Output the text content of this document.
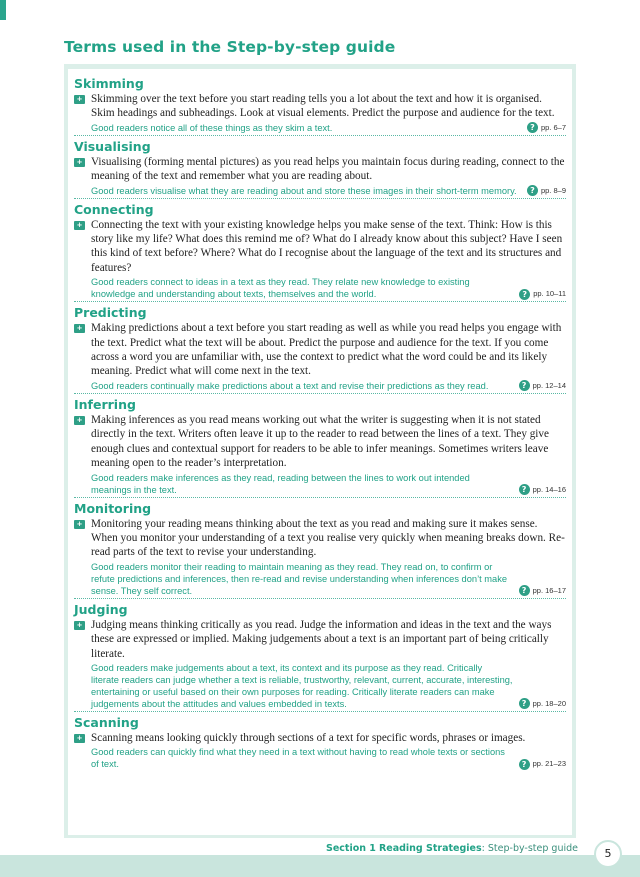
Terms used in the Step-by-step guide
Skimming
+ Skimming over the text before you start reading tells you a lot about the text and how it is organised. Skim headings and subheadings. Look at visual elements. Predict the purpose and audience for the text.

Good readers notice all of these things as they skim a text.	? pp. 6–7
Visualising
+ Visualising (forming mental pictures) as you read helps you maintain focus during reading, connect to the meaning of the text and remember what you are reading about.

Good readers visualise what they are reading about and store these images in their short-term memory.	? pp. 8–9
Connecting
+ Connecting the text with your existing knowledge helps you make sense of the text. Think: How is this story like my life? What does this remind me of? What do I already know about this subject? Have I seen this kind of text before? Where? What do I recognise about the language of the text and its structures and features?

Good readers connect to ideas in a text as they read. They relate new knowledge to existing knowledge and understanding about texts, themselves and the world.	? pp. 10–11
Predicting
+ Making predictions about a text before you start reading as well as while you read helps you engage with the text. Predict what the text will be about. Predict the purpose and audience for the text. If you come across a word you are unfamiliar with, use the context to predict what the word could be and its likely meaning. Predict what will come next in the text.

Good readers continually make predictions about a text and revise their predictions as they read.	? pp. 12–14
Inferring
+ Making inferences as you read means working out what the writer is suggesting when it is not stated directly in the text. Writers often leave it up to the reader to read between the lines of a text. They give enough clues and contextual support for readers to be able to infer meanings. Sometimes writers leave meaning open to the reader’s interpretation.

Good readers make inferences as they read, reading between the lines to work out intended meanings in the text.	? pp. 14–16
Monitoring
+ Monitoring your reading means thinking about the text as you read and making sure it makes sense. When you monitor your understanding of a text you realise very quickly when meaning breaks down. Re-read parts of the text to revise your understanding.

Good readers monitor their reading to maintain meaning as they read. They read on, to confirm or refute predictions and inferences, then re-read and revise understanding when inferences don’t make sense. They self correct.	? pp. 16–17
Judging
+ Judging means thinking critically as you read. Judge the information and ideas in the text and the ways these are expressed or implied. Making judgements about a text is an important part of being critically literate.

Good readers make judgements about a text, its context and its purpose as they read. Critically literate readers can judge whether a text is reliable, trustworthy, relevant, current, accurate, interesting, entertaining or useful based on their own purposes for reading. Critically literate readers can make judgements about the attitudes and values embedded in texts.	? pp. 18–20
Scanning
+ Scanning means looking quickly through sections of a text for specific words, phrases or images.

Good readers can quickly find what they need in a text without having to read whole texts or sections of text.	? pp. 21–23

Section 1 Reading Strategies: Step-by-step guide	5
